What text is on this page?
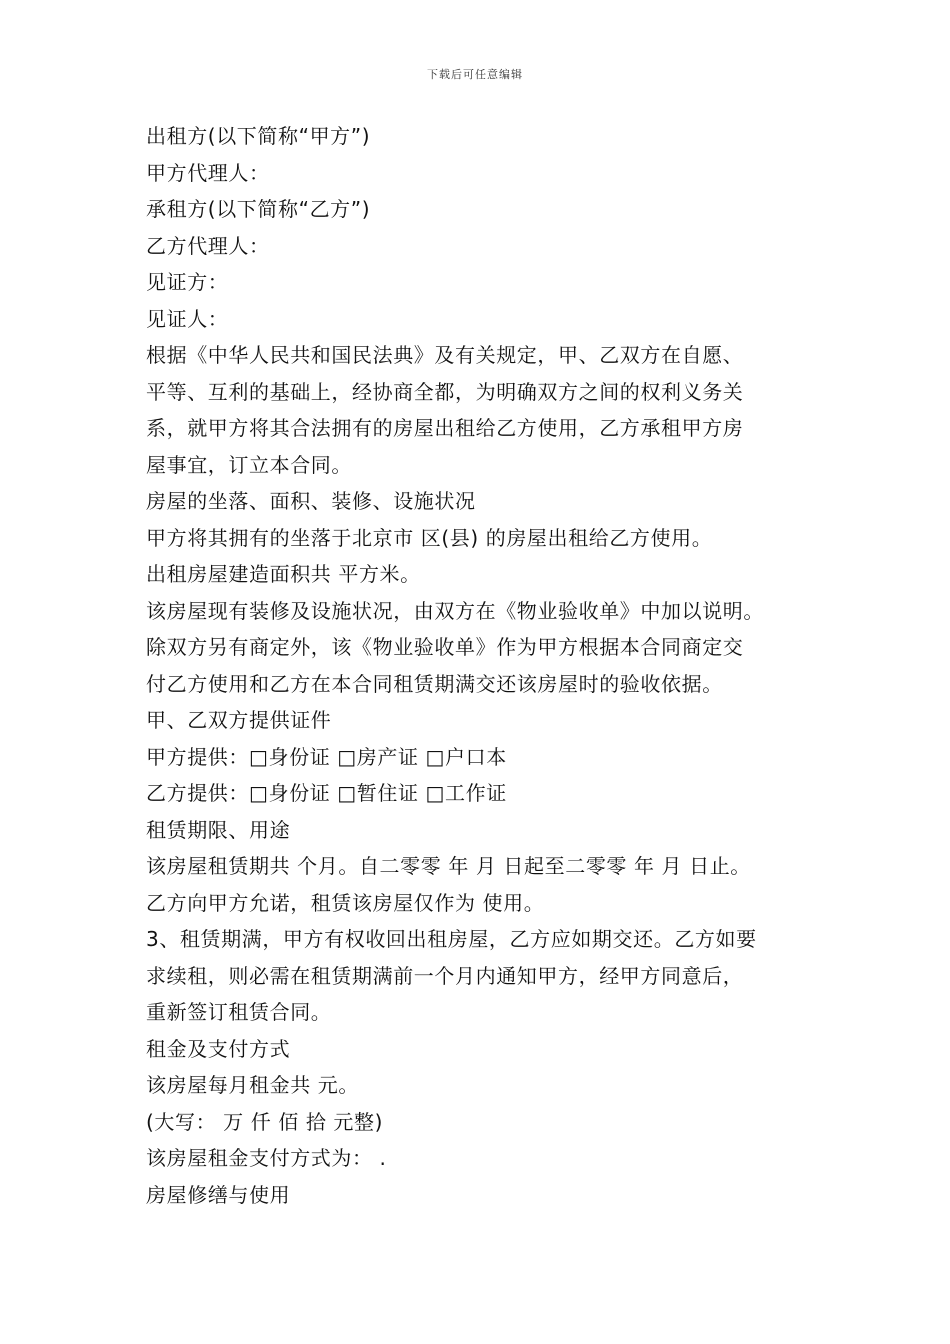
下载后可任意编辑
出租方(以下简称“甲方”)
甲方代理人：
承租方(以下简称“乙方”)
乙方代理人：
见证方：
见证人：
根据《中华人民共和国民法典》及有关规定，甲、乙双方在自愿、
平等、互利的基础上，经协商全都，为明确双方之间的权利义务关
系，就甲方将其合法拥有的房屋出租给乙方使用，乙方承租甲方房
屋事宜，订立本合同。
房屋的坐落、面积、装修、设施状况
甲方将其拥有的坐落于北京市 区(县) 的房屋出租给乙方使用。
出租房屋建造面积共 平方米。
该房屋现有装修及设施状况，由双方在《物业验收单》中加以说明。
除双方另有商定外，该《物业验收单》作为甲方根据本合同商定交
付乙方使用和乙方在本合同租赁期满交还该房屋时的验收依据。
甲、乙双方提供证件
甲方提供：□身份证 □房产证 □户口本
乙方提供：□身份证 □暂住证 □工作证
租赁期限、用途
该房屋租赁期共 个月。自二零零 年 月 日起至二零零 年 月 日止。
乙方向甲方允诺，租赁该房屋仅作为 使用。
3、租赁期满，甲方有权收回出租房屋，乙方应如期交还。乙方如要
求续租，则必需在租赁期满前一个月内通知甲方，经甲方同意后，
重新签订租赁合同。
租金及支付方式
该房屋每月租金共 元。
(大写： 万 仟 佰 拾 元整)
该房屋租金支付方式为： .
房屋修缮与使用
